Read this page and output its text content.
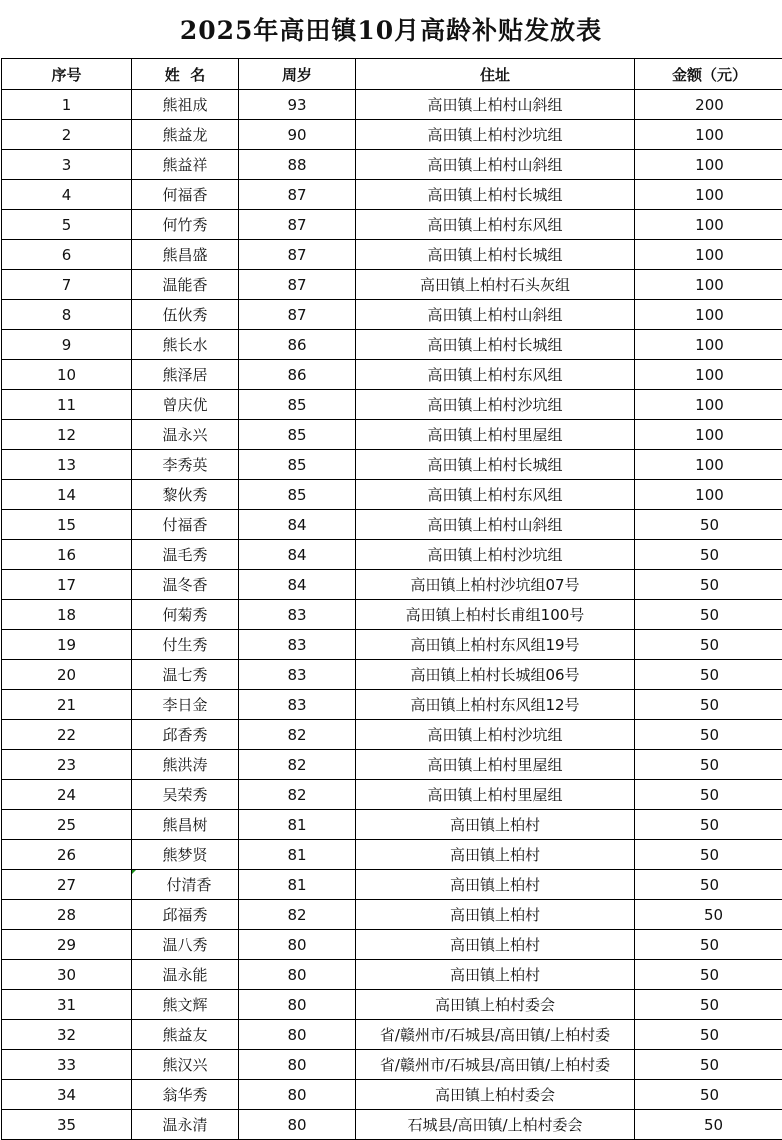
2025年高田镇10月高龄补贴发放表
序号	姓  名	周岁	住址	金额（元）
1	熊祖成	93	高田镇上柏村山斜组	200
2	熊益龙	90	高田镇上柏村沙坑组	100
3	熊益祥	88	高田镇上柏村山斜组	100
4	何福香	87	高田镇上柏村长城组	100
5	何竹秀	87	高田镇上柏村东风组	100
6	熊昌盛	87	高田镇上柏村长城组	100
7	温能香	87	高田镇上柏村石头灰组	100
8	伍伙秀	87	高田镇上柏村山斜组	100
9	熊长水	86	高田镇上柏村长城组	100
10	熊泽居	86	高田镇上柏村东风组	100
11	曾庆优	85	高田镇上柏村沙坑组	100
12	温永兴	85	高田镇上柏村里屋组	100
13	李秀英	85	高田镇上柏村长城组	100
14	黎伙秀	85	高田镇上柏村东风组	100
15	付福香	84	高田镇上柏村山斜组	50
16	温毛秀	84	高田镇上柏村沙坑组	50
17	温冬香	84	高田镇上柏村沙坑组07号	50
18	何菊秀	83	高田镇上柏村长甫组100号	50
19	付生秀	83	高田镇上柏村东风组19号	50
20	温七秀	83	高田镇上柏村长城组06号	50
21	李日金	83	高田镇上柏村东风组12号	50
22	邱香秀	82	高田镇上柏村沙坑组	50
23	熊洪涛	82	高田镇上柏村里屋组	50
24	吴荣秀	82	高田镇上柏村里屋组	50
25	熊昌树	81	高田镇上柏村	50
26	熊梦贤	81	高田镇上柏村	50
27	付清香	81	高田镇上柏村	50
28	邱福秀	82	高田镇上柏村	50
29	温八秀	80	高田镇上柏村	50
30	温永能	80	高田镇上柏村	50
31	熊文辉	80	高田镇上柏村委会	50
32	熊益友	80	省/赣州市/石城县/高田镇/上柏村委	50
33	熊汉兴	80	省/赣州市/石城县/高田镇/上柏村委	50
34	翁华秀	80	高田镇上柏村委会	50
35	温永清	80	石城县/高田镇/上柏村委会	50
